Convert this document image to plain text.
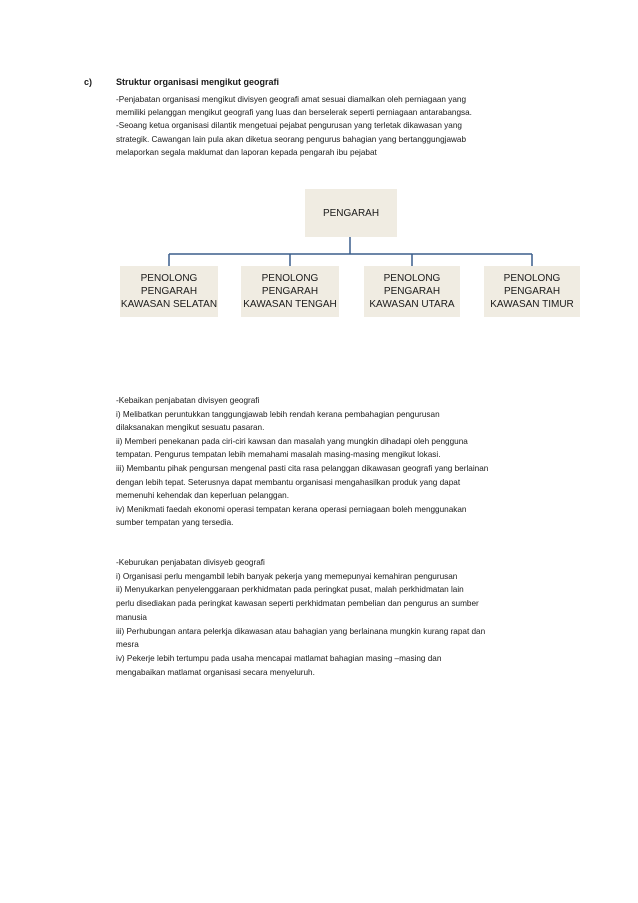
c)	Struktur organisasi mengikut geografi

-Penjabatan organisasi mengikut divisyen geografi amat sesuai diamalkan oleh perniagaan yang

memiliki pelanggan mengikut geografi yang luas dan berselerak seperti perniagaan antarabangsa.

-Seoang ketua organisasi dilantik mengetuai pejabat pengurusan yang terletak dikawasan yang

strategik. Cawangan lain pula akan diketua seorang pengurus bahagian yang bertanggungjawab

melaporkan segala maklumat dan laporan kepada pengarah ibu pejabat

PENGARAH
PENOLONG
PENGARAH
KAWASAN SELATAN
PENOLONG
PENGARAH
KAWASAN TENGAH
PENOLONG
PENGARAH
KAWASAN UTARA
PENOLONG
PENGARAH
KAWASAN TIMUR

-Kebaikan penjabatan divisyen geografi

i) Melibatkan peruntukkan tanggungjawab lebih rendah kerana pembahagian pengurusan

dilaksanakan mengikut sesuatu pasaran.

ii) Memberi penekanan pada ciri-ciri kawsan dan masalah yang mungkin dihadapi oleh pengguna

tempatan. Pengurus tempatan lebih memahami masalah masing-masing mengikut lokasi.

iii) Membantu pihak pengursan mengenal pasti cita rasa pelanggan dikawasan geografi yang berlainan

dengan lebih tepat. Seterusnya dapat membantu organisasi mengahasilkan produk yang dapat

memenuhi kehendak dan keperluan pelanggan.

iv) Menikmati faedah ekonomi operasi tempatan kerana operasi perniagaan boleh menggunakan

sumber tempatan yang tersedia.

-Keburukan penjabatan divisyeb geografi

i) Organisasi perlu mengambil lebih banyak pekerja yang memepunyai kemahiran pengurusan

ii) Menyukarkan penyelenggaraan perkhidmatan pada peringkat pusat, malah perkhidmatan lain

perlu disediakan pada peringkat kawasan seperti perkhidmatan pembelian dan pengurus an sumber

manusia

iii) Perhubungan antara pelerkja dikawasan atau bahagian yang berlainana mungkin kurang rapat dan

mesra

iv) Pekerje lebih tertumpu pada usaha mencapai matlamat bahagian masing –masing dan

mengabaikan matlamat organisasi secara menyeluruh.
